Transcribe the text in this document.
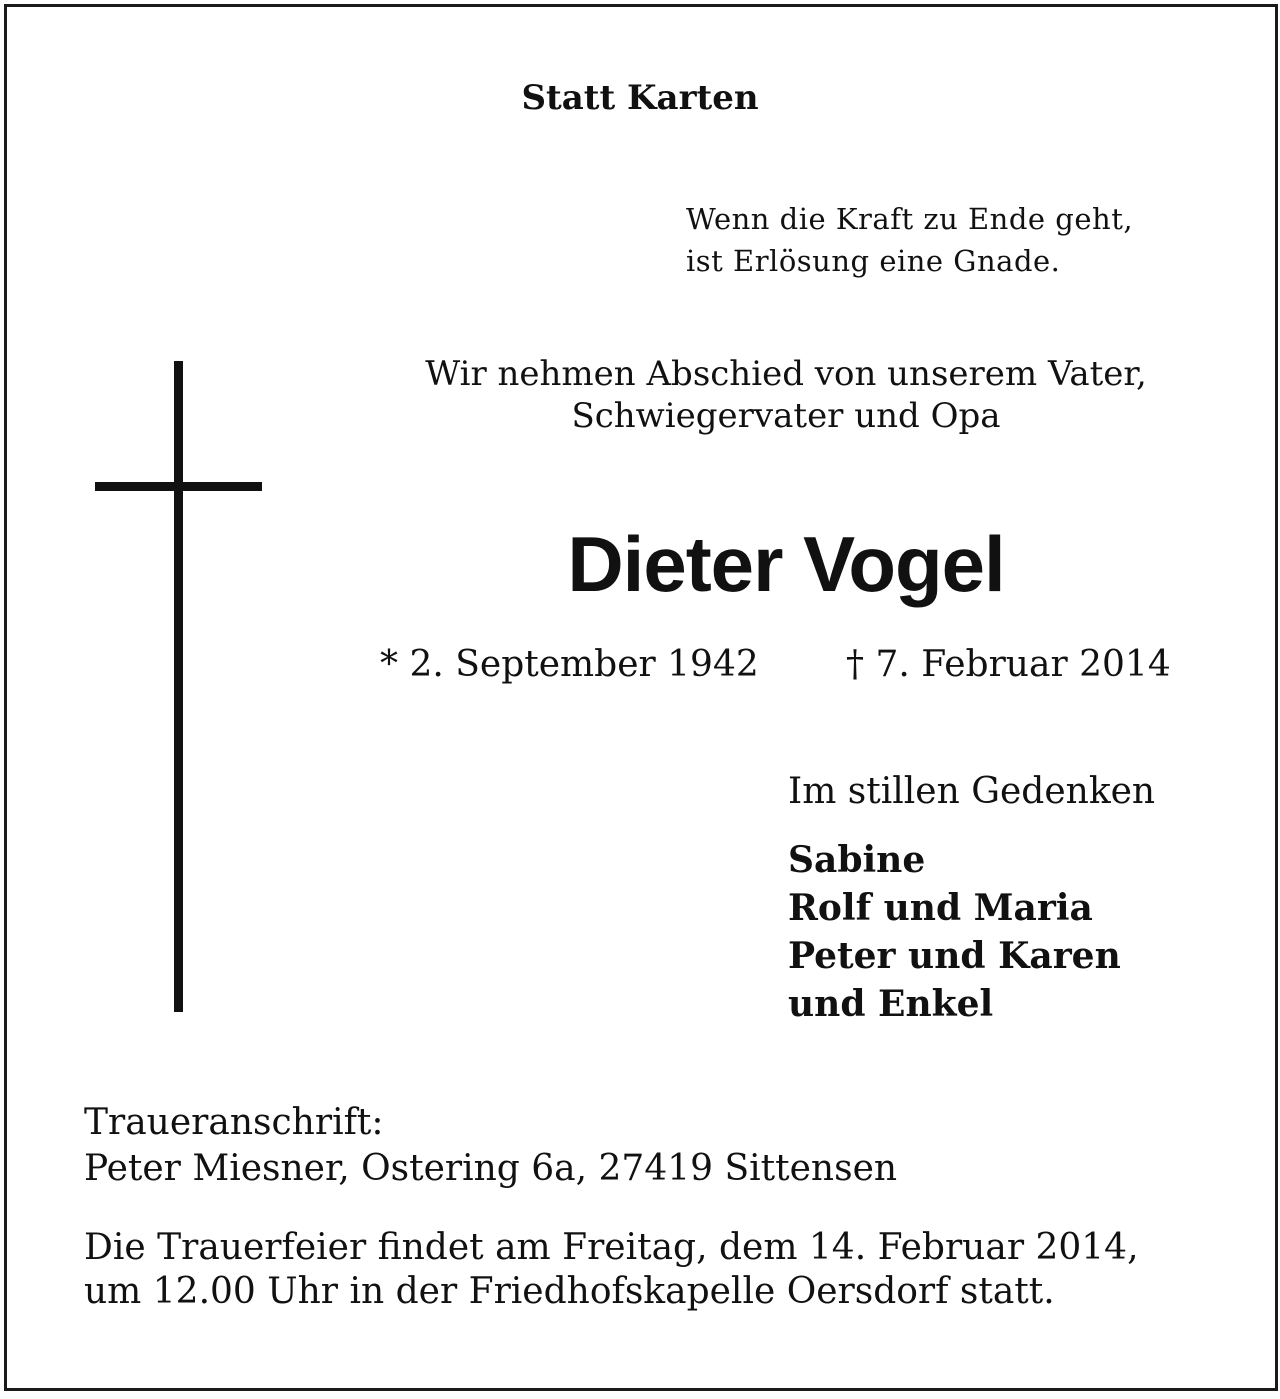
Statt Karten
Wenn die Kraft zu Ende geht,
ist Erlösung eine Gnade.
Wir nehmen Abschied von unserem Vater,
Schwiegervater und Opa
Dieter Vogel
* 2. September 1942 † 7. Februar 2014
Im stillen Gedenken
Sabine
Rolf und Maria
Peter und Karen
und Enkel
Traueranschrift:
Peter Miesner, Ostering 6a, 27419 Sittensen
Die Trauerfeier findet am Freitag, dem 14. Februar 2014,
um 12.00 Uhr in der Friedhofskapelle Oersdorf statt.
